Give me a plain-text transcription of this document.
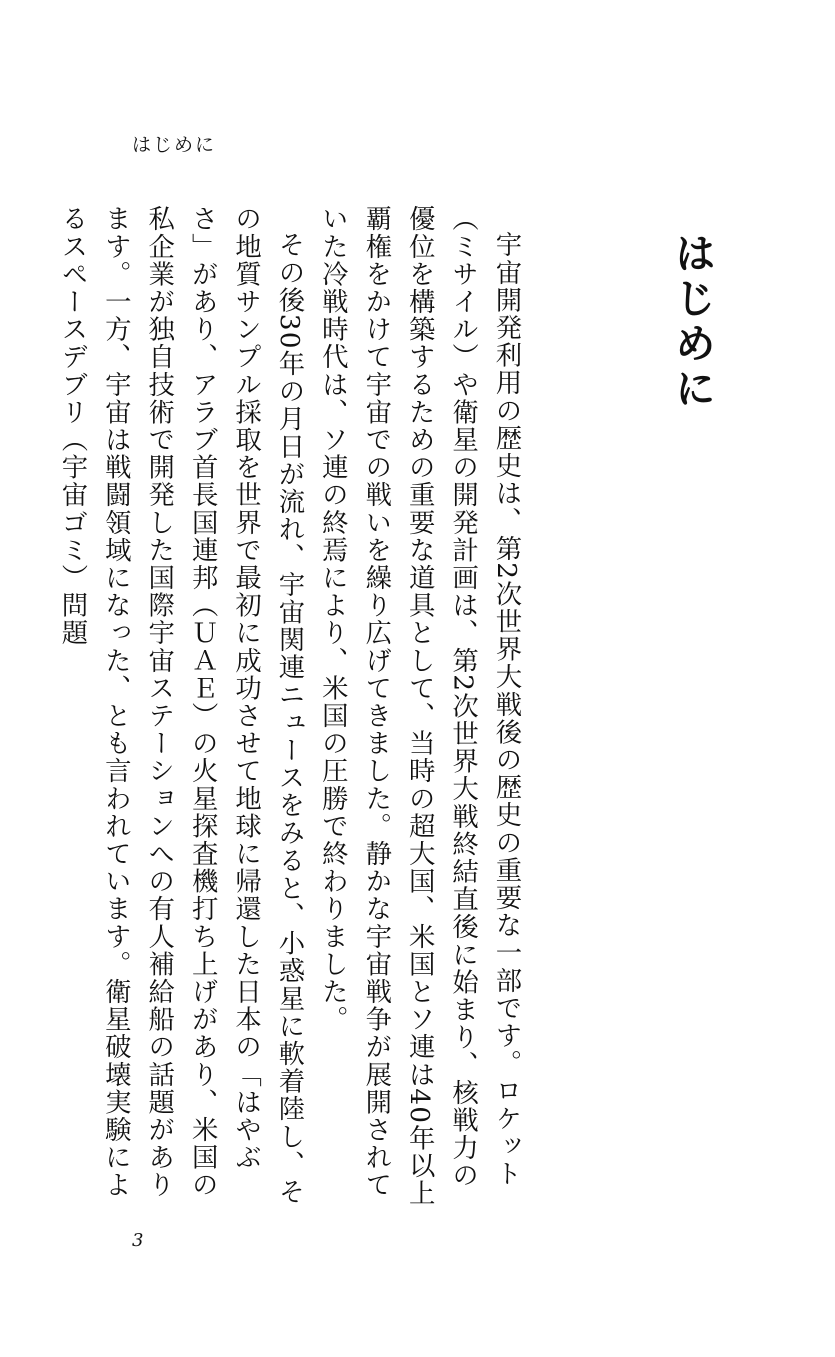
はじめに
はじめに

宇宙開発利用の歴史は、第2次世界大戦後の歴史の重要な一部です。ロケット（ミサイル）や衛星の開発計画は、第2次世界大戦終結直後に始まり、核戦力の優位を構築するための重要な道具として、当時の超大国、米国とソ連は40年以上覇権をかけて宇宙での戦いを繰り広げてきました。静かな宇宙戦争が展開されていた冷戦時代は、ソ連の終焉により、米国の圧勝で終わりました。

その後30年の月日が流れ、宇宙関連ニュースをみると、小惑星に軟着陸し、その地質サンプル採取を世界で最初に成功させて地球に帰還した日本の「はやぶさ」があり、アラブ首長国連邦（ＵＡＥ）の火星探査機打ち上げがあり、米国の私企業が独自技術で開発した国際宇宙ステーションへの有人補給船の話題があります。一方、宇宙は戦闘領域になった、とも言われています。衛星破壊実験によるスペースデブリ（宇宙ゴミ）問題

3
